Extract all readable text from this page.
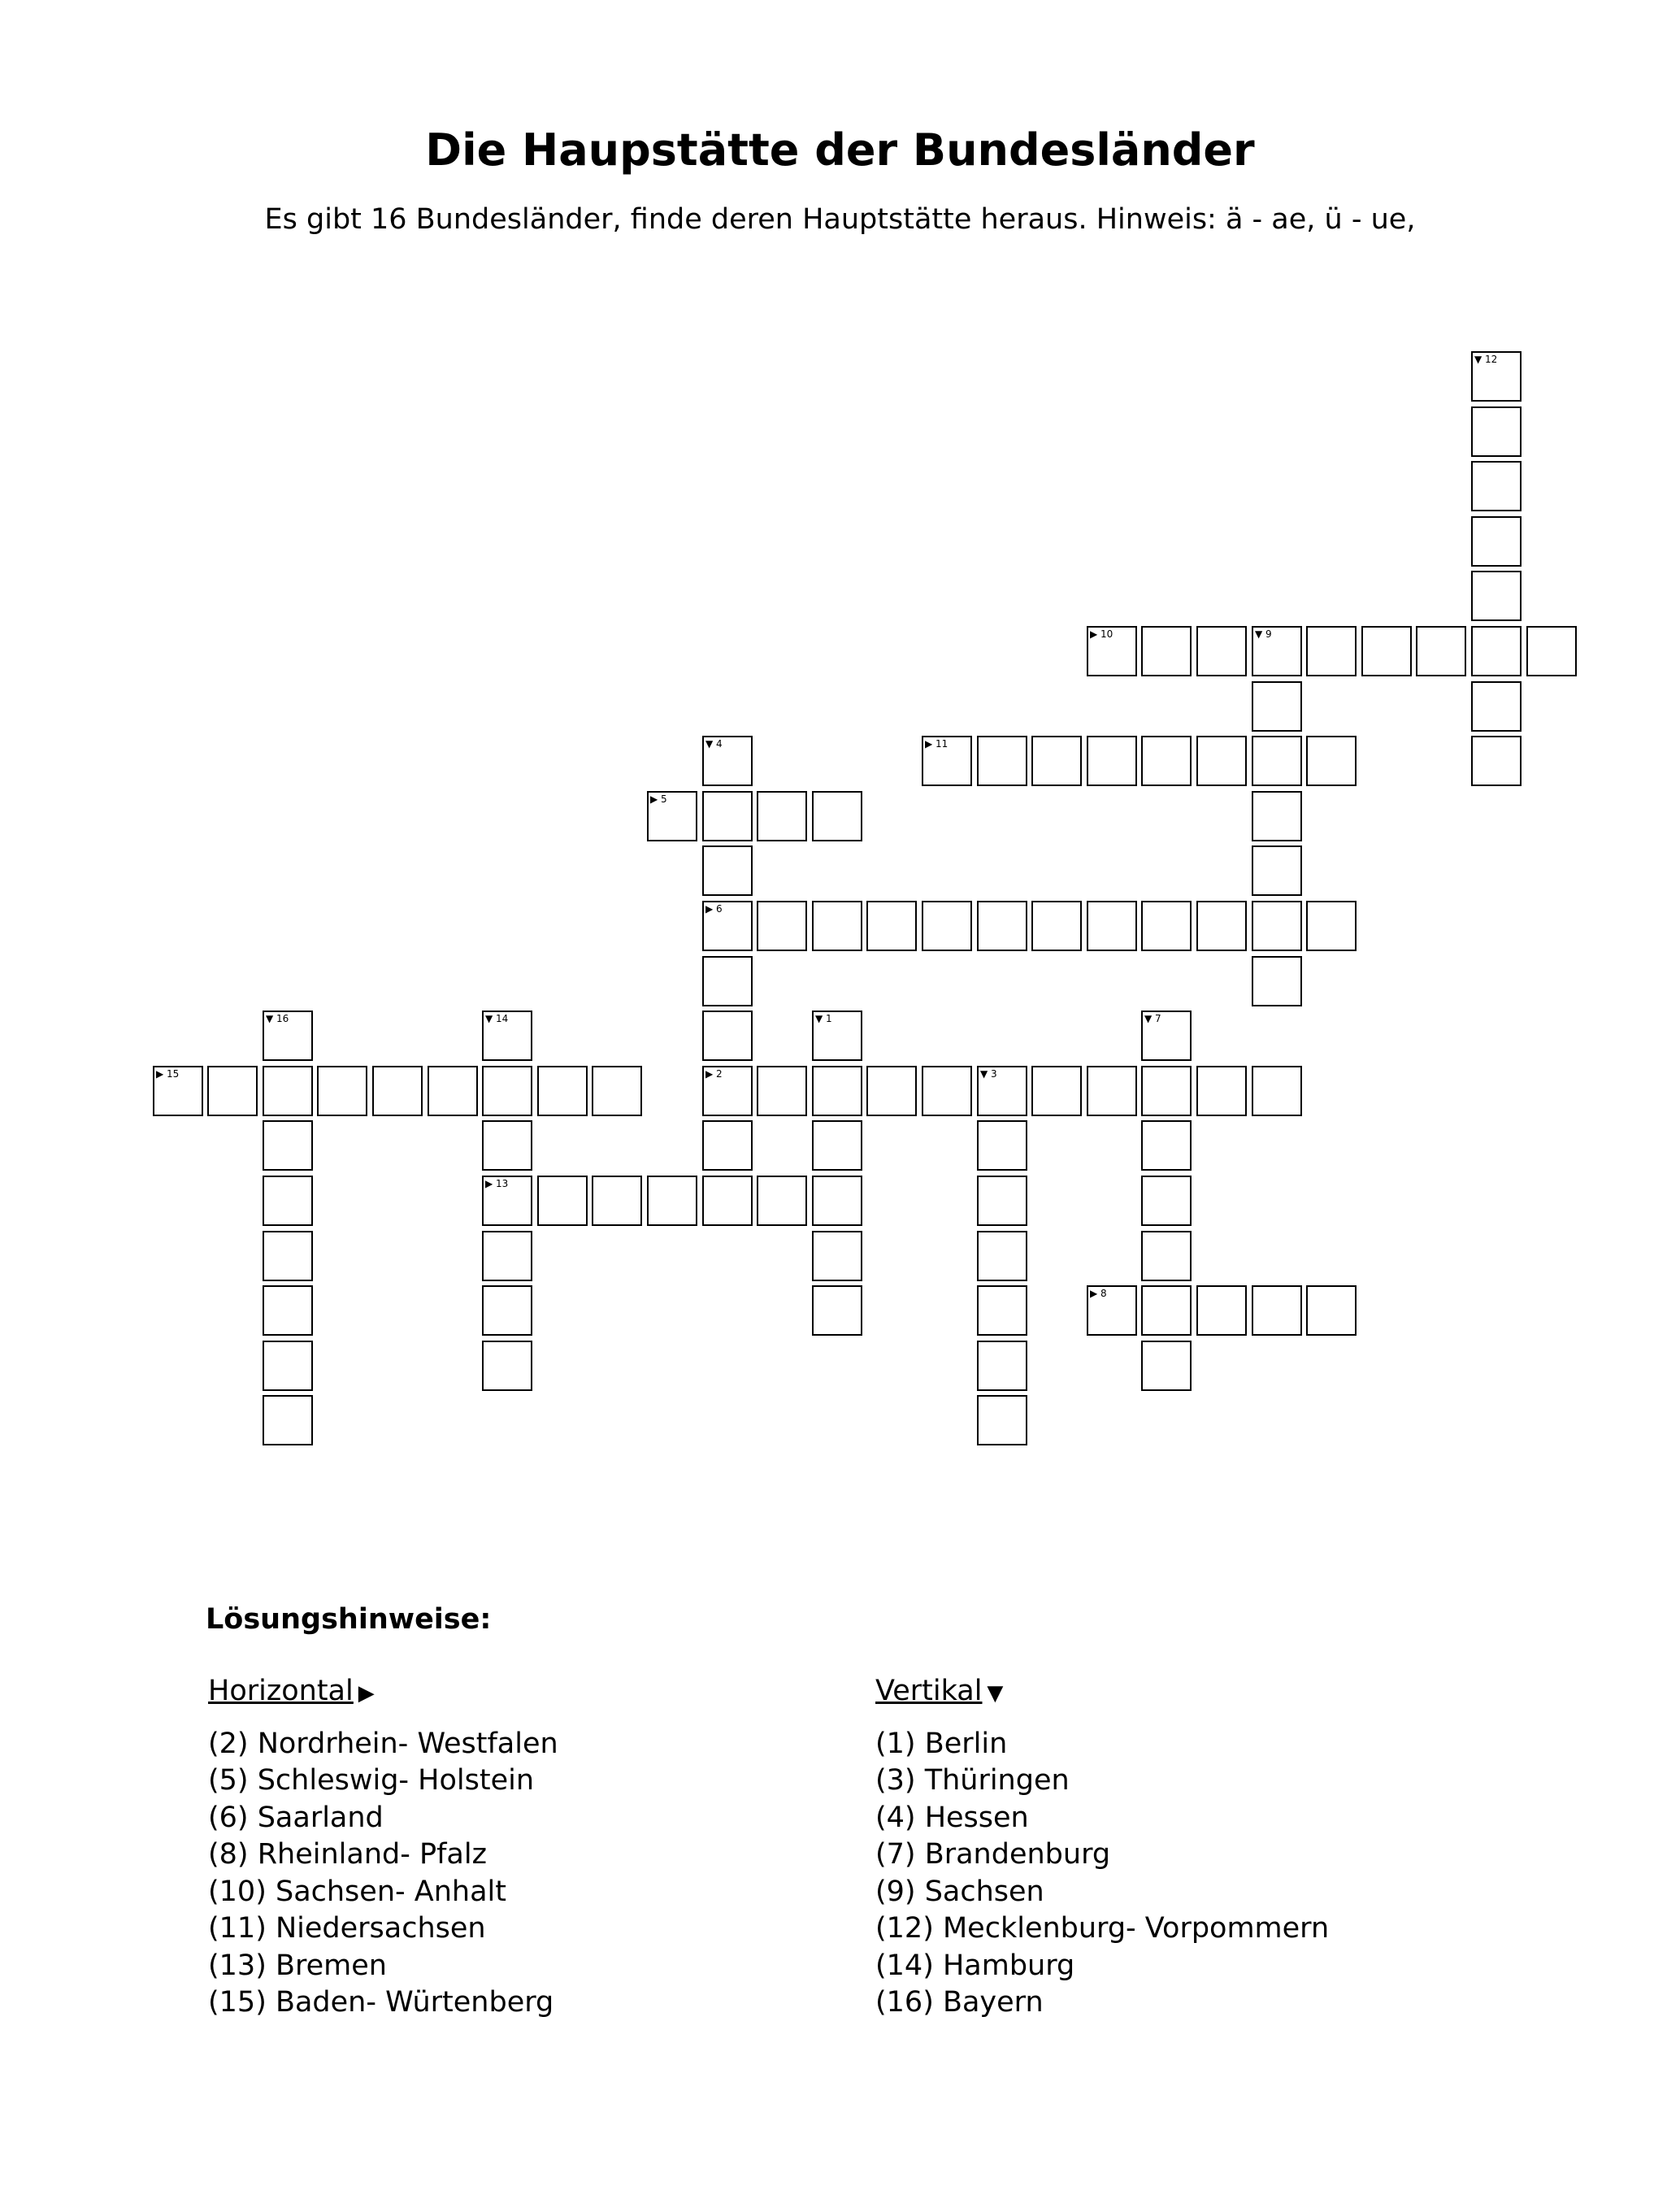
Die Haupstätte der Bundesländer
Es gibt 16 Bundesländer, finde deren Hauptstätte heraus. Hinweis: ä - ae, ü - ue,
▼ 1
▶ 2	▼ 3
▼ 4
▶ 6
▶ 5
▼ 7
▶ 8
▼ 9
▶ 10
▶ 11
▼ 12
▶ 13
▼ 14
▶ 15
▼ 16
Lösungshinweise:
Horizontal ▶
(2) Nordrhein- Westfalen
(5) Schleswig- Holstein
(6) Saarland
(8) Rheinland- Pfalz
(10) Sachsen- Anhalt
(11) Niedersachsen
(13) Bremen
(15) Baden- Würtenberg
Vertikal ▼
(1) Berlin
(3) Thüringen
(4) Hessen
(7) Brandenburg
(9) Sachsen
(12) Mecklenburg- Vorpommern
(14) Hamburg
(16) Bayern
